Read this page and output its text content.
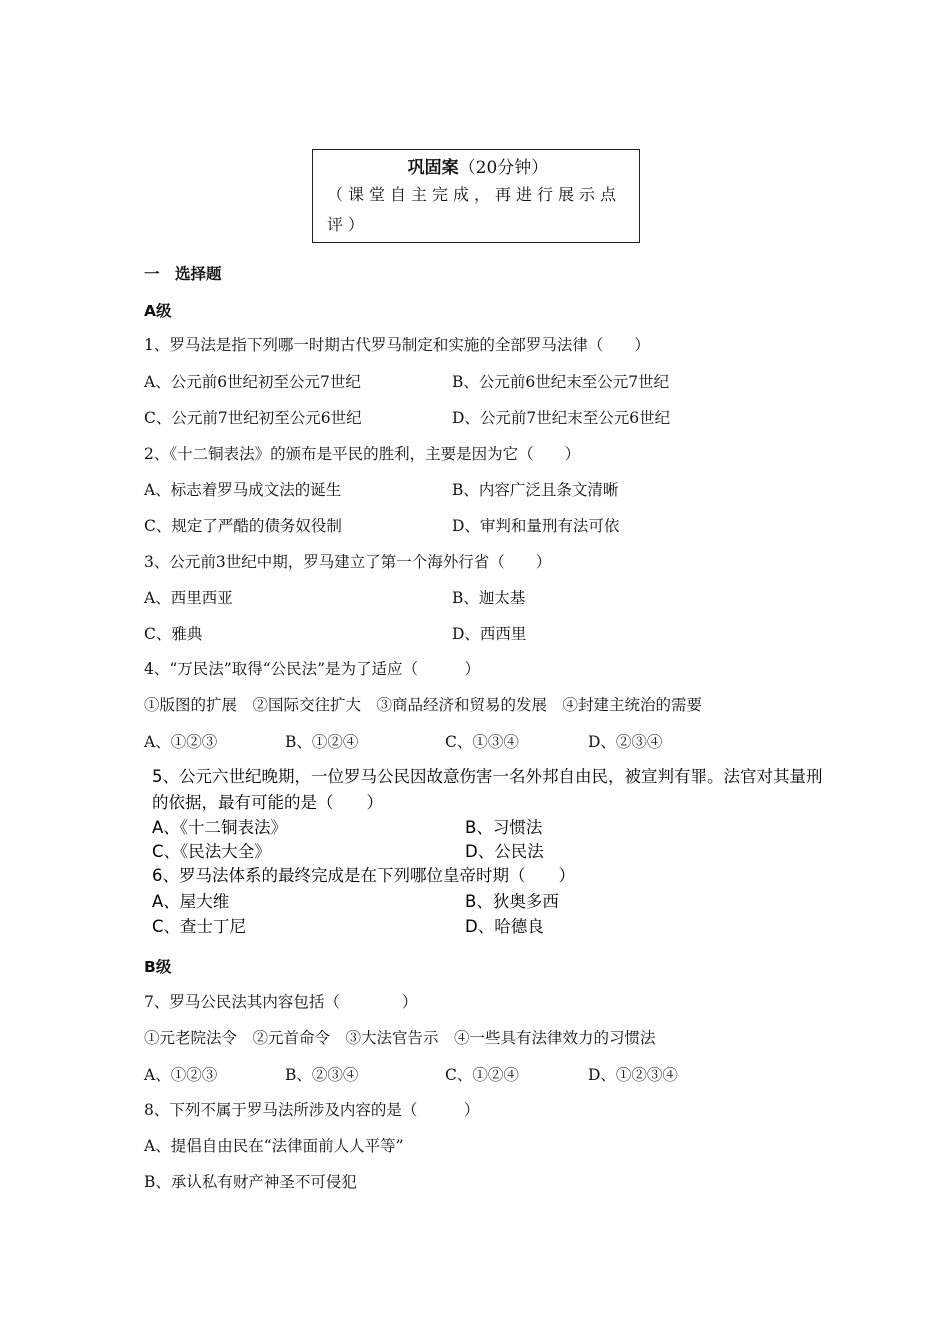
巩固案（20分钟）
（课堂自主完成，再进行展示点评）
一　选择题
A级
1、罗马法是指下列哪一时期古代罗马制定和实施的全部罗马法律（　　）
A、公元前6世纪初至公元7世纪	B、公元前6世纪末至公元7世纪
C、公元前7世纪初至公元6世纪	D、公元前7世纪末至公元6世纪
2、《十二铜表法》的颁布是平民的胜利，主要是因为它（　　）
A、标志着罗马成文法的诞生	B、内容广泛且条文清晰
C、规定了严酷的债务奴役制	D、审判和量刑有法可依
3、公元前3世纪中期，罗马建立了第一个海外行省（　　）
A、西里西亚	B、迦太基
C、雅典	D、西西里
4、“万民法”取得“公民法”是为了适应（　　　）
①版图的扩展　②国际交往扩大　③商品经济和贸易的发展　④封建主统治的需要
A、①②③	B、①②④	C、①③④	D、②③④
5、公元六世纪晚期，一位罗马公民因故意伤害一名外邦自由民，被宣判有罪。法官对其量刑的依据，最有可能的是（　　）
A、《十二铜表法》	B、习惯法
C、《民法大全》	D、公民法
6、罗马法体系的最终完成是在下列哪位皇帝时期（　　）
A、屋大维	B、狄奥多西
C、查士丁尼	D、哈德良
B级
7、罗马公民法其内容包括（　　　　）
①元老院法令　②元首命令　③大法官告示　④一些具有法律效力的习惯法
A、①②③	B、②③④	C、①②④	D、①②③④
8、下列不属于罗马法所涉及内容的是（　　　）
A、提倡自由民在“法律面前人人平等”
B、承认私有财产神圣不可侵犯
